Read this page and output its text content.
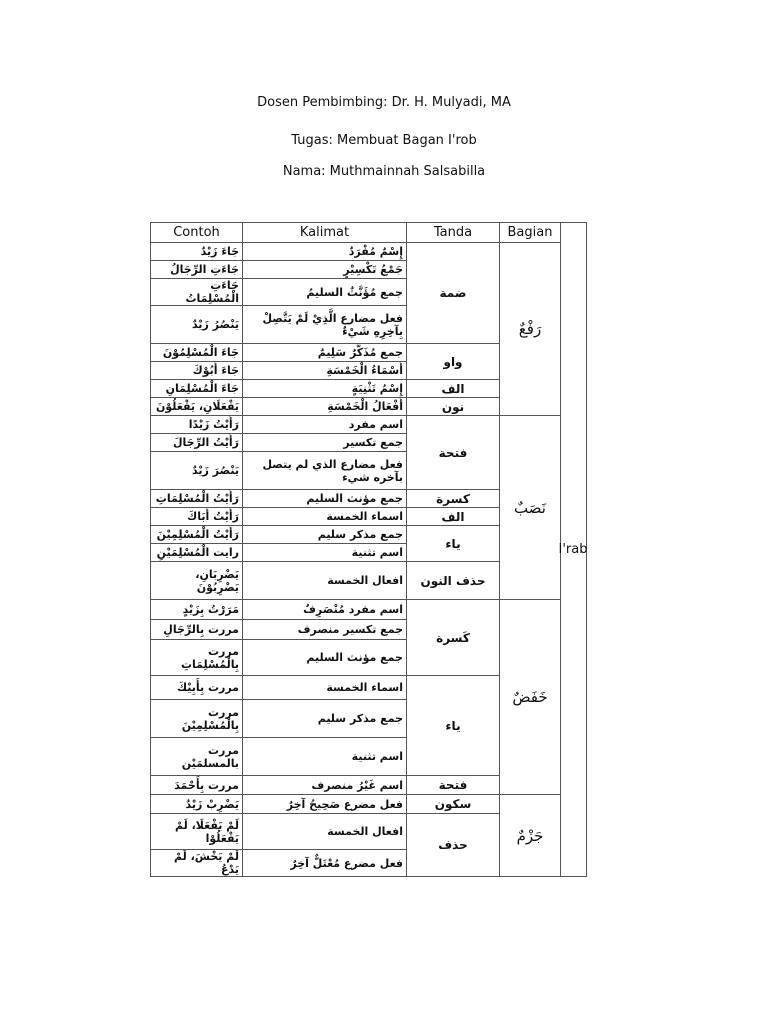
Dosen Pembimbing: Dr. H. Mulyadi, MA
Tugas: Membuat Bagan I'rob
Nama: Muthmainnah Salsabilla
Contoh	Kalimat	Tanda	Bagian
جَاءَ زَيْدٌ	إِسْمٌ مُفْرَدٌ	ضمة	رَفْعٌ
جَاءَتِ الرِّجَالُ	جَمْعُ تَكْسِيْرٍ		
جَاءَتِ الْمُسْلِمَاتُ	جمع مُؤَنَّثٌ السليمُ		
يَنْصُرُ زَيْدٌ	فعل مضارع الَّذِيْ لَمْ يَتَّصِلْ بِآخِرِهِ شَيْءٌ		
جَاءَ الْمُسْلِمُوْنَ	جمع مُذَكَّرٌ سَلِيمٌ	واو	
جَاءَ أَبُوْكَ	أَسْمَاءُ الْخَمْسَةِ		
جَاءَ الْمُسْلِمَانِ	إِسْمُ تَثْنِيَةٍ	الف	
يَفْعَلَانِ، يَفْعَلُوْنَ	أَفْعَالُ الْخَمْسَةِ	نون	
رَأَيْتُ زَيْدًا	اسم مفرد	فتحة	نَصَبٌ
رَأَيْتُ الرِّجَالَ	جمع تكسير		
يَنْصُرَ زَيْدٌ	فعل مضارع الذي لم يتصل بآخره شيء		
رَأَيْتُ الْمُسْلِمَاتِ	جمع مؤنث السليم	كسرة	
رَأَيْتُ أَبَاكَ	اسماء الخمسة	الف	
رَأَيْتُ الْمُسْلِمِيْنَ	جمع مذكر سليم	ياء	
رايت الْمُسْلِمَيْنِ	اسم تثنية		
يَضْرِبَانِ، يَضْرِبُوْنَ	افعال الخمسة	حذف النون	
مَرَرْتُ بِزَيْدٍ	اسم مفرد مُنْصَرِفٌ	كَسرة	خَفَضٌ
مررت بِالرِّجَالِ	جمع تكسير منصرف		
مررت بِالْمُسْلِمَاتِ	جمع مؤنث السليم		
مررت بِأَبِيْكَ	اسماء الخمسة	ياء	
مررت بِالْمُسْلِمِيْنَ	جمع مذكر سليم		
مررت بالمسلمَيْن	اسم تثنية		
مررت بِأَحْمَدَ	اسم غَيْرُ منصرف	فتحة	
يَضْرِبْ زَيْدٌ	فعل مضرع صَحِيحُ آخِرٌ	سكون	جَزْمٌ
لَمْ يَفْعَلَا، لَمْ يَفْعَلُوْا	افعال الخمسة	حذف	
لَمْ يَخْشَ، لَمْ يَدْعُ	فعل مضرع مُعْتَلٌّ آخِرٌ		
I'rab
